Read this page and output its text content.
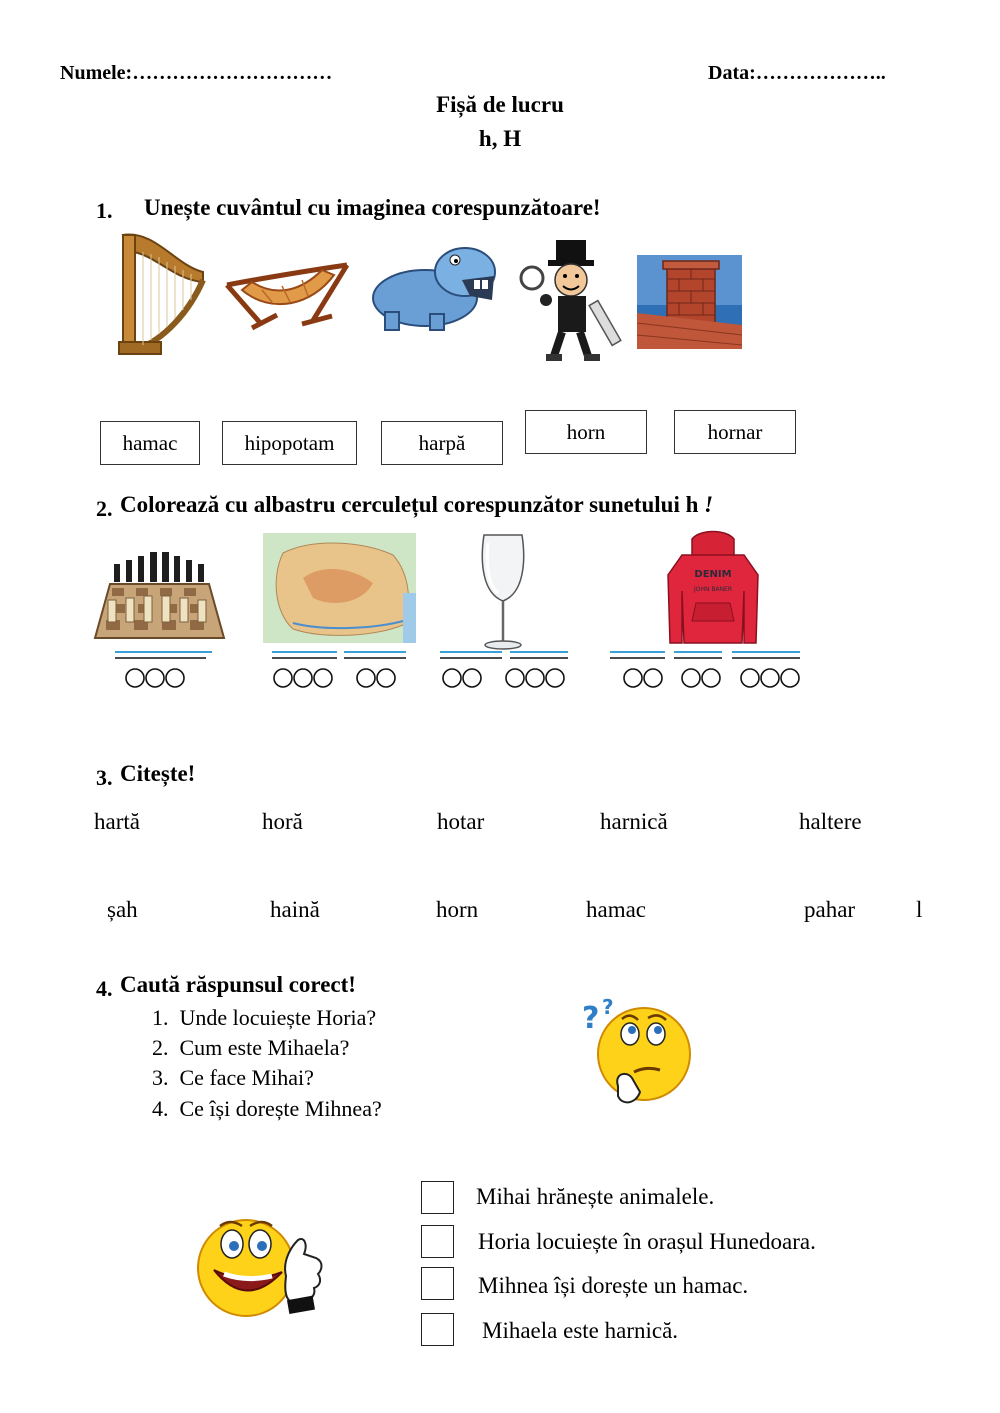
Numele:…………………………	Data:………………..
Fișă de lucru
h, H
1. Unește cuvântul cu imaginea corespunzătoare!
hamac	hipopotam	harpă	horn	hornar
2. Colorează cu albastru cerculețul corespunzător sunetului h !
DENIM
JOHN BANER
3. Citește!
hartă	horă	hotar	harnică	haltere
șah	haină	horn	hamac	pahar	l
4. Caută răspunsul corect!
1. Unde locuiește Horia?
2. Cum este Mihaela?
3. Ce face Mihai?
4. Ce își dorește Mihnea?
? ?
Mihai hrănește animalele.
Horia locuiește în orașul Hunedoara.
Mihnea își dorește un hamac.
Mihaela este harnică.
